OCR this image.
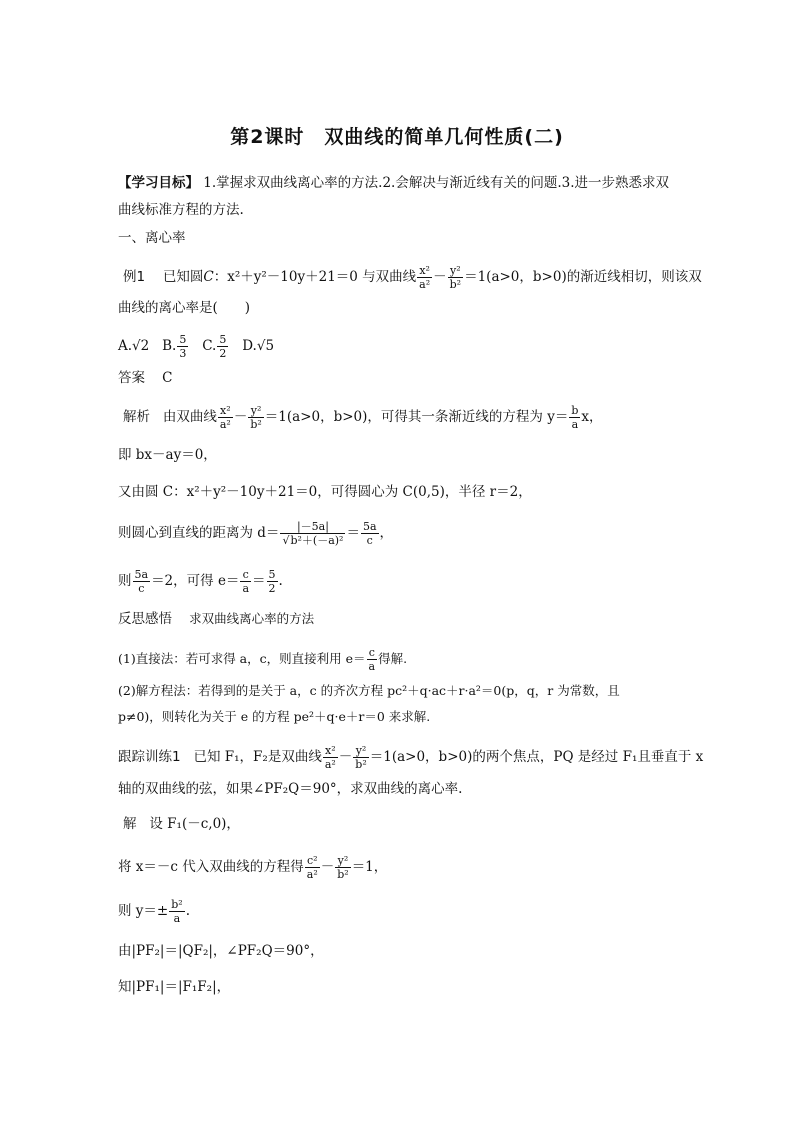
第2课时　双曲线的简单几何性质(二)
【学习目标】 1.掌握求双曲线离心率的方法.2.会解决与渐近线有关的问题.3.进一步熟悉求双
曲线标准方程的方法.
一、离心率
例1　 已知圆C：x²＋y²－10y＋21＝0 与双曲线 $\frac{\text{x²}}{\text{a²}} - \frac{\text{y²}}{\text{b²}} =1(a>0$，b>0)的渐近线相切，则该双
曲线的离心率是(　　)
A.√2 B. $\frac{5}{3} C$. $\frac{5}{2} D.√5$
答案 C
解析 由双曲线 $\frac{\text{x²}}{\text{a²}} - \frac{\text{y²}}{\text{b²}} =1(a>0$，b>0)，可得其一条渐近线的方程为 $y= \frac{b}{a}$ x，
即 bx－ay＝0，
又由圆 C：x²＋y²－10y＋21＝0，可得圆心为 C(0,5)，半径 r＝2，
则圆心到直线的距离为 $d= \frac{|-5a|}{\text{√b²＋(－a)²}} = \frac{5a}{c}$ ，
则 $\frac{5a}{c} =2$，可得 $e= \frac{c}{a} = \frac{5}{2}$ .
反思感悟 求双曲线离心率的方法
(1)直接法：若可求得 a，c，则直接利用 $e= \frac{c}{a}$ 得解.
(2)解方程法：若得到的是关于 a，c 的齐次方程 pc²＋q·ac＋r·a²＝0(p，q，r 为常数，且
p≠0)，则转化为关于 e 的方程 pe²＋q·e＋r＝0 来求解.
跟踪训练1 已知 F₁，F₂是双曲线 $\frac{\text{x²}}{\text{a²}} - \frac{\text{y²}}{\text{b²}} =1(a>0$，b>0)的两个焦点，PQ 是经过 F₁且垂直于 x
轴的双曲线的弦，如果∠PF₂Q＝90°，求双曲线的离心率.
解 设 F₁(－c,0)，
将 x＝－c 代入双曲线的方程得 $\frac{\text{c²}}{\text{a²}} - \frac{\text{y²}}{\text{b²}} =1$，
则 $y=\pm \frac{\text{b²}}{a}$ .
由|PF₂|＝|QF₂|，∠PF₂Q＝90°，
知|PF₁|＝|F₁F₂|，
